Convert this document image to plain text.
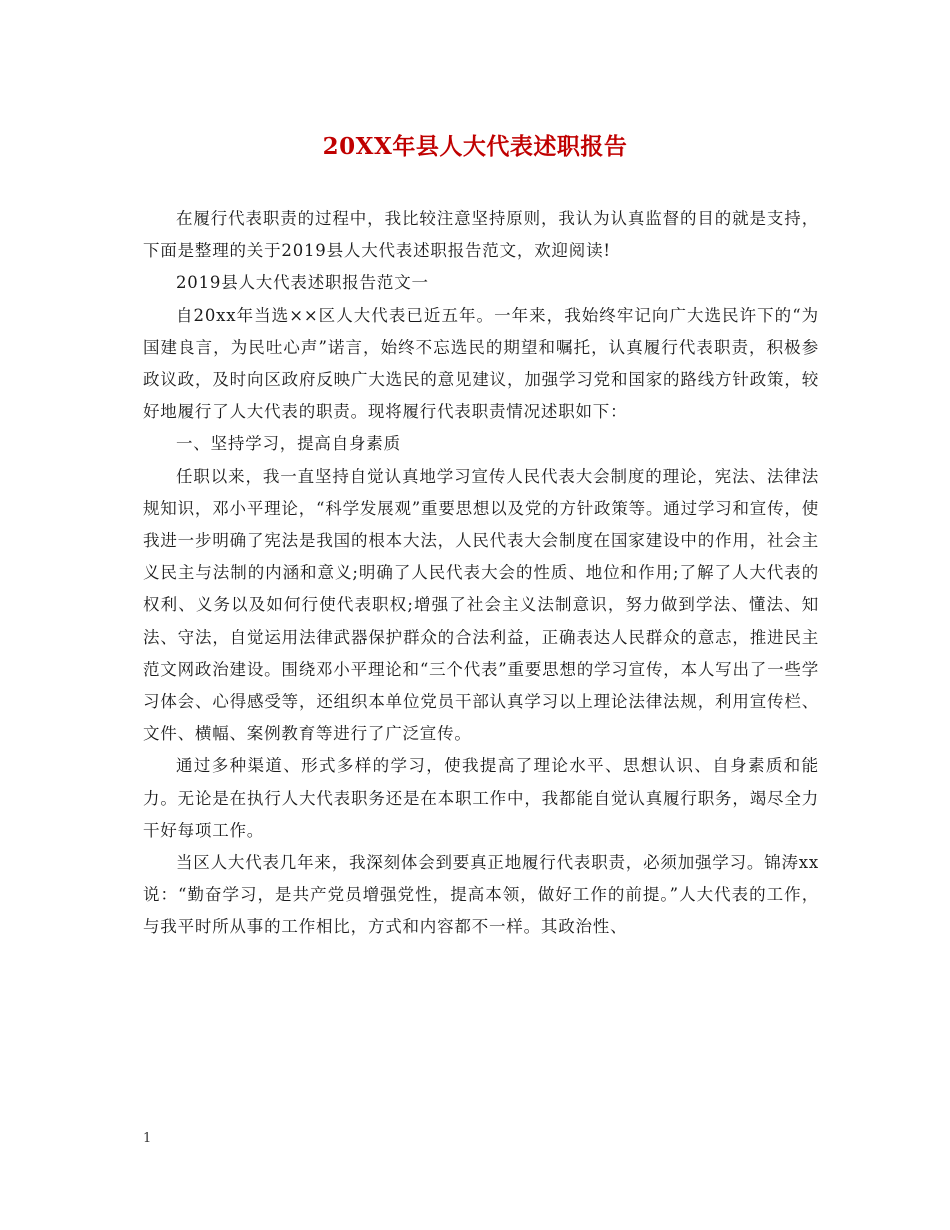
20XX年县人大代表述职报告

在履行代表职责的过程中，我比较注意坚持原则，我认为认真监督的目的就是支持，下面是整理的关于2019县人大代表述职报告范文，欢迎阅读!

2019县人大代表述职报告范文一

自20xx年当选××区人大代表已近五年。一年来，我始终牢记向广大选民许下的“为国建良言，为民吐心声”诺言，始终不忘选民的期望和嘱托，认真履行代表职责，积极参政议政，及时向区政府反映广大选民的意见建议，加强学习党和国家的路线方针政策，较好地履行了人大代表的职责。现将履行代表职责情况述职如下：

一、坚持学习，提高自身素质

任职以来，我一直坚持自觉认真地学习宣传人民代表大会制度的理论，宪法、法律法规知识，邓小平理论，“科学发展观”重要思想以及党的方针政策等。通过学习和宣传，使我进一步明确了宪法是我国的根本大法，人民代表大会制度在国家建设中的作用，社会主义民主与法制的内涵和意义;明确了人民代表大会的性质、地位和作用;了解了人大代表的权利、义务以及如何行使代表职权;增强了社会主义法制意识，努力做到学法、懂法、知法、守法，自觉运用法律武器保护群众的合法利益，正确表达人民群众的意志，推进民主范文网政治建设。围绕邓小平理论和“三个代表”重要思想的学习宣传，本人写出了一些学习体会、心得感受等，还组织本单位党员干部认真学习以上理论法律法规，利用宣传栏、文件、横幅、案例教育等进行了广泛宣传。

通过多种渠道、形式多样的学习，使我提高了理论水平、思想认识、自身素质和能力。无论是在执行人大代表职务还是在本职工作中，我都能自觉认真履行职务，竭尽全力干好每项工作。

当区人大代表几年来，我深刻体会到要真正地履行代表职责，必须加强学习。锦涛xx说：“勤奋学习，是共产党员增强党性，提高本领，做好工作的前提。”人大代表的工作，与我平时所从事的工作相比，方式和内容都不一样。其政治性、

1
